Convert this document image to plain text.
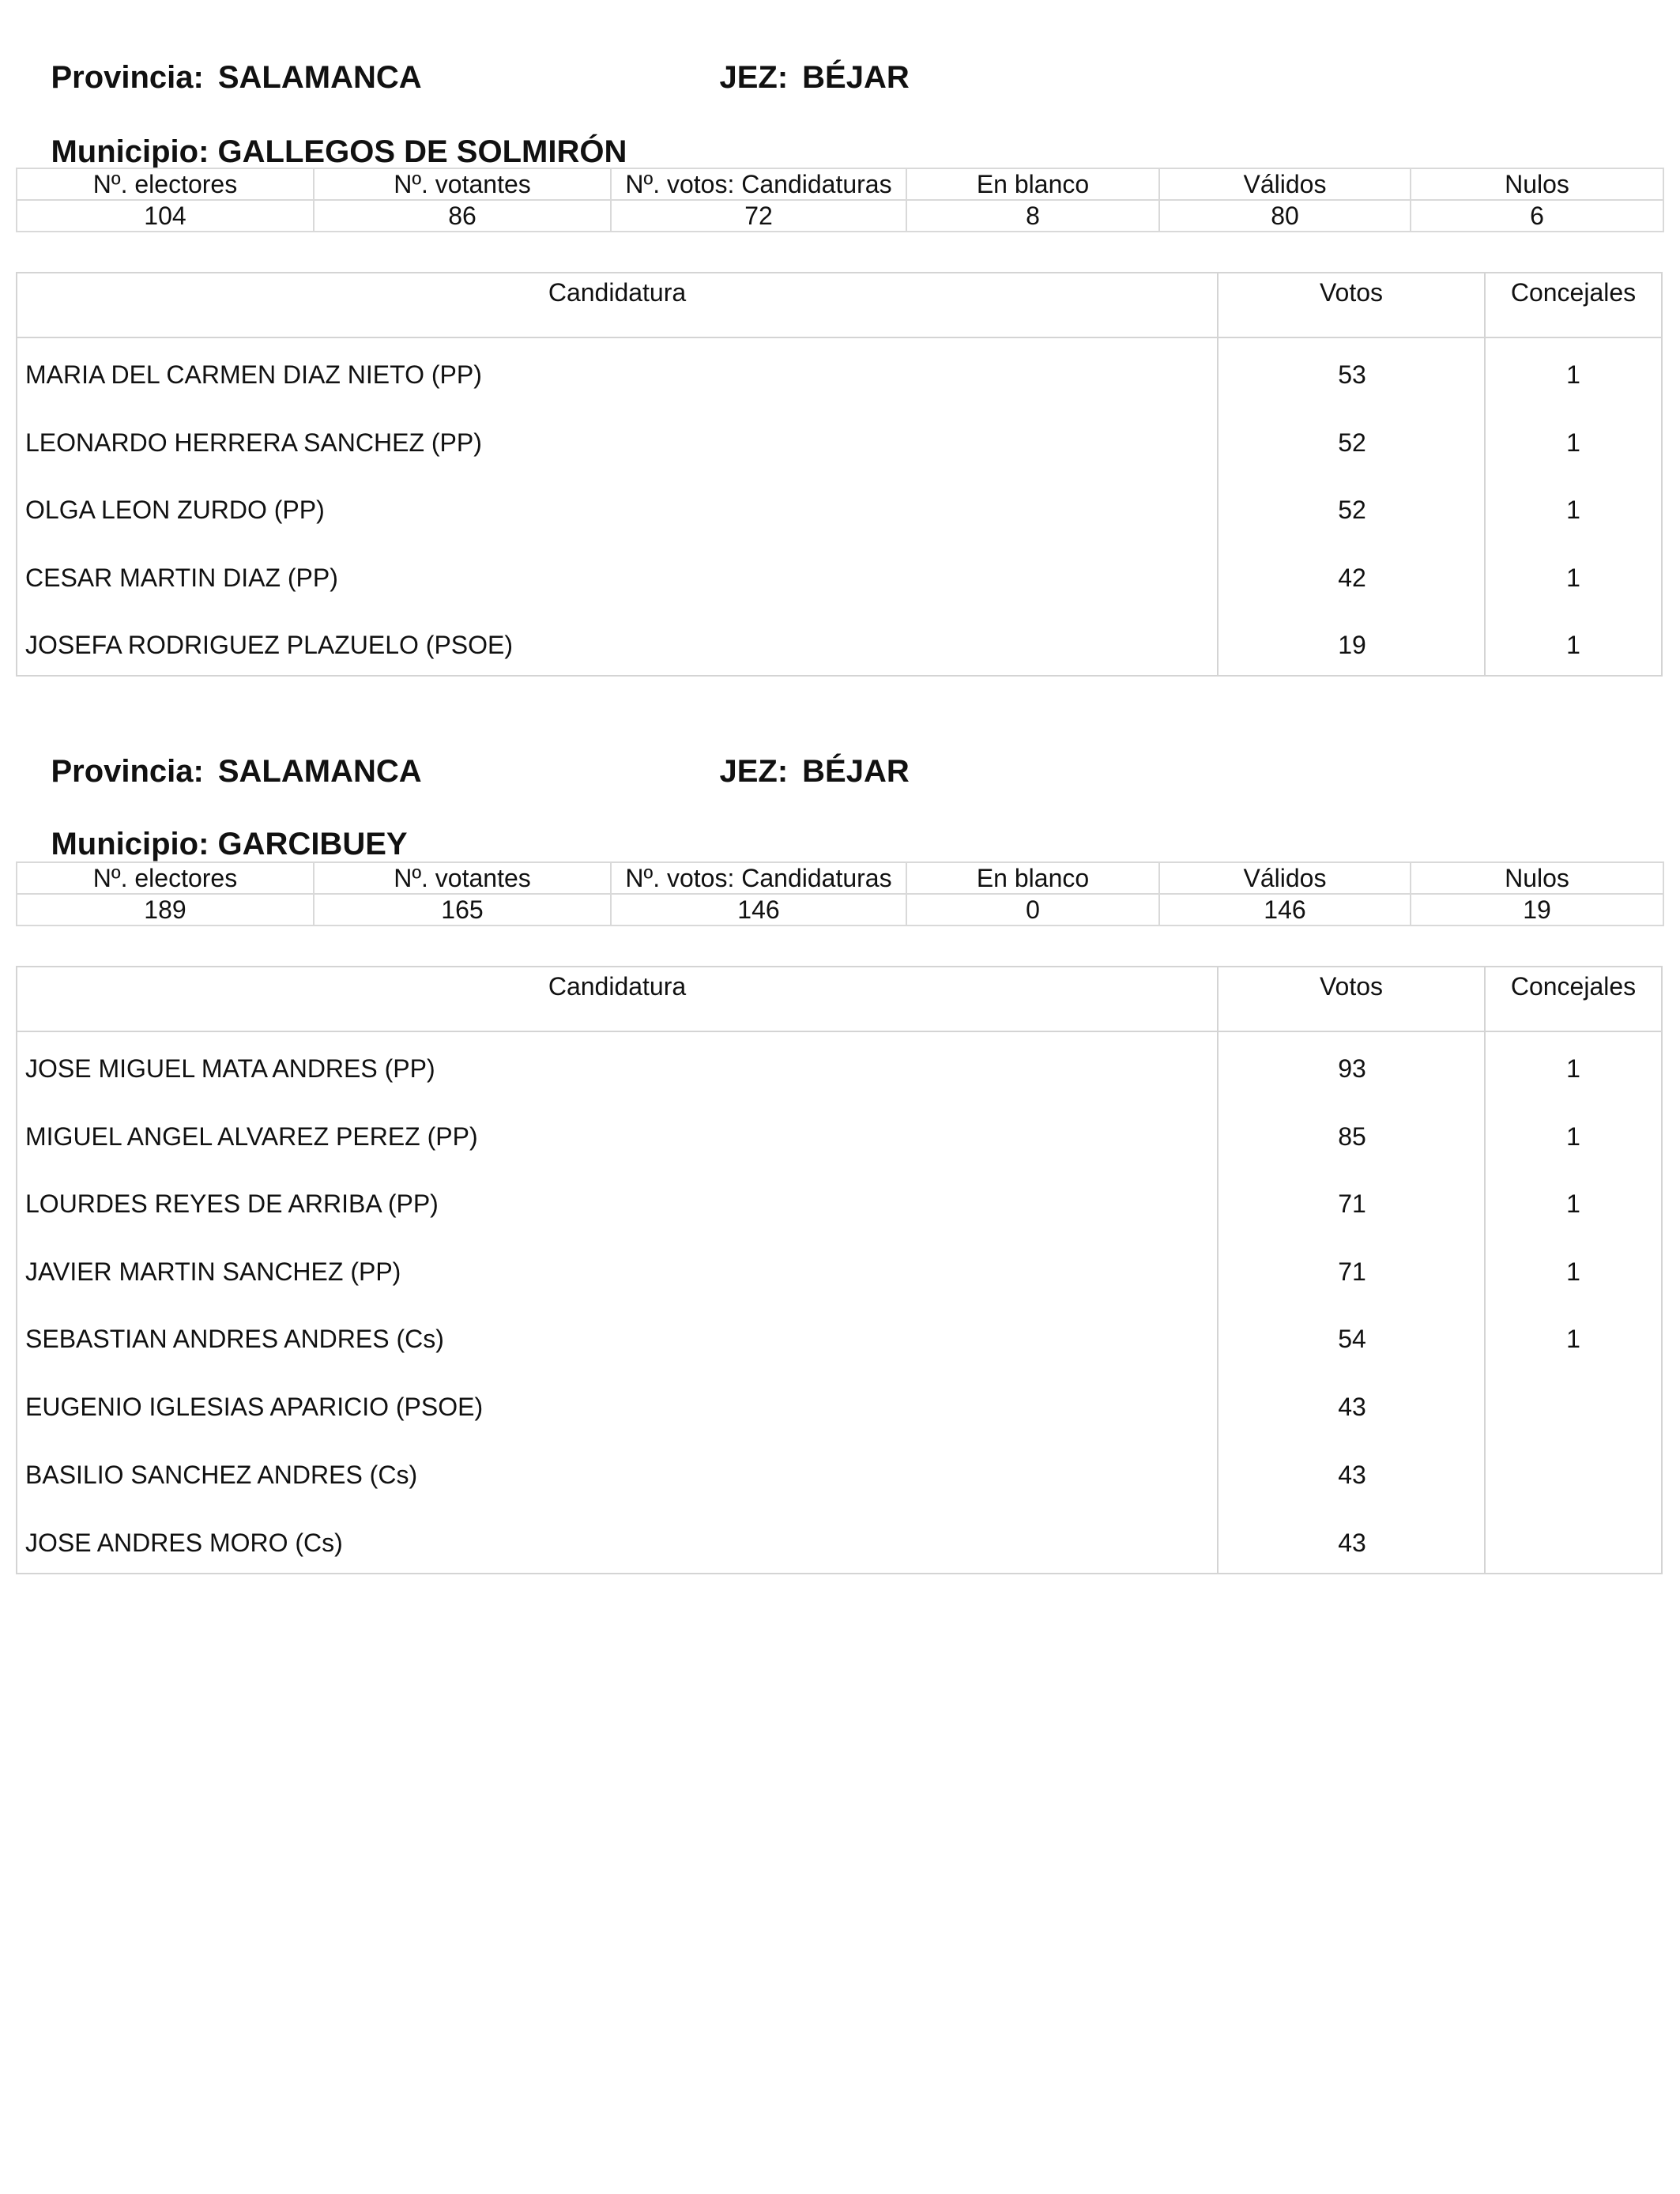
Provincia: SALAMANCA
	JEZ: BÉJAR

Municipio: GALLEGOS DE SOLMIRÓN

Nº. electores	Nº. votantes	Nº. votos: Candidaturas	En blanco	Válidos	Nulos
104	86	72	8	80	6
Candidatura	Votos	Concejales
MARIA DEL CARMEN DIAZ NIETO (PP)	53	1
LEONARDO HERRERA SANCHEZ (PP)	52	1
OLGA LEON ZURDO (PP)	52	1
CESAR MARTIN DIAZ (PP)	42	1
JOSEFA RODRIGUEZ PLAZUELO (PSOE)	19	1

Provincia: SALAMANCA
	JEZ: BÉJAR

Municipio: GARCIBUEY

Nº. electores	Nº. votantes	Nº. votos: Candidaturas	En blanco	Válidos	Nulos
189	165	146	0	146	19
Candidatura	Votos	Concejales
JOSE MIGUEL MATA ANDRES (PP)	93	1
MIGUEL ANGEL ALVAREZ PEREZ (PP)	85	1
LOURDES REYES DE ARRIBA (PP)	71	1
JAVIER MARTIN SANCHEZ (PP)	71	1
SEBASTIAN ANDRES ANDRES (Cs)	54	1
EUGENIO IGLESIAS APARICIO (PSOE)	43
BASILIO SANCHEZ ANDRES (Cs)	43
JOSE ANDRES MORO (Cs)	43
